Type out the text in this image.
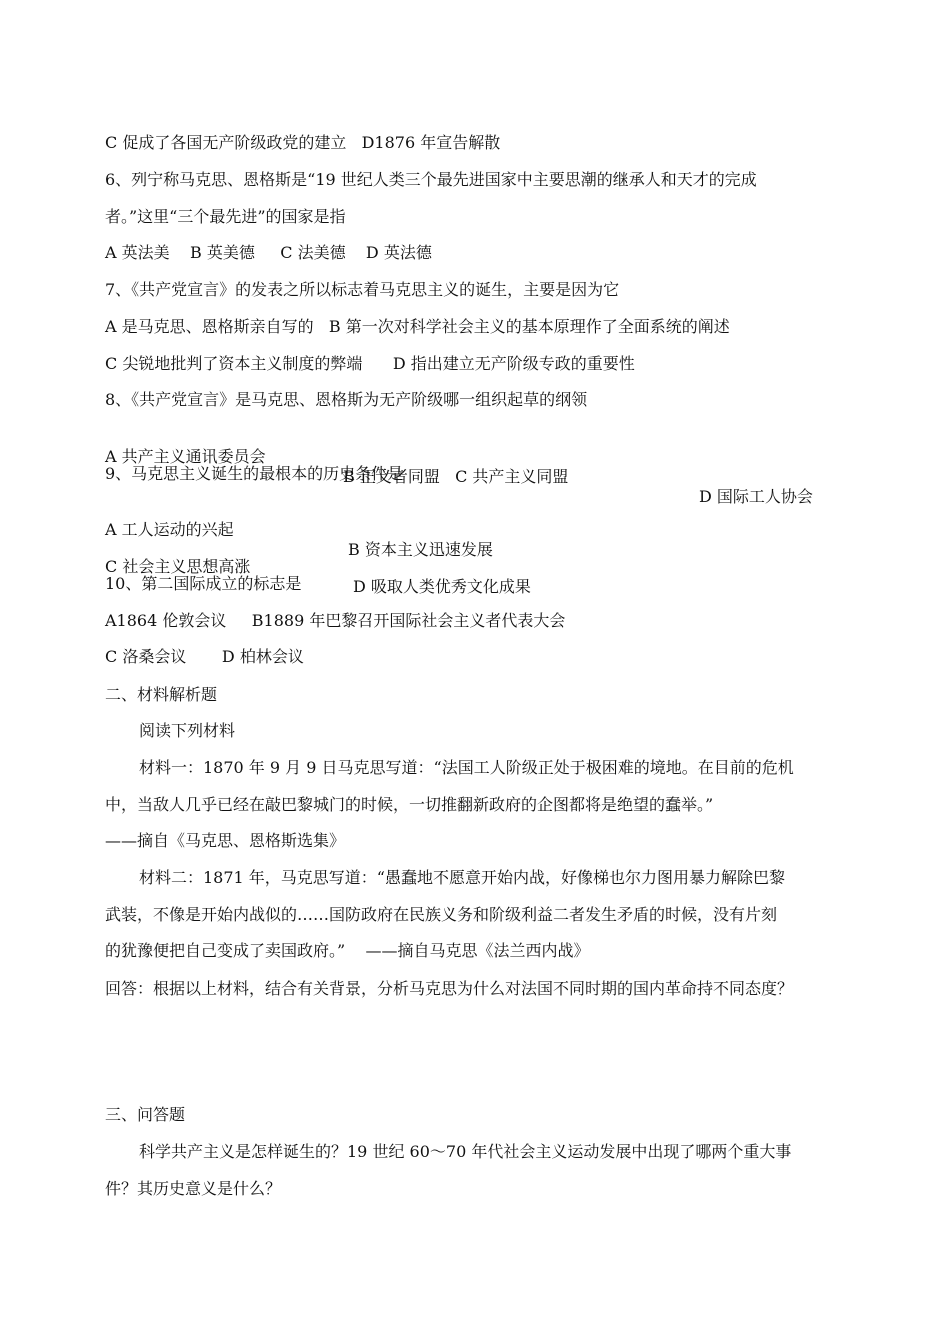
C 促成了各国无产阶级政党的建立   D1876 年宣告解散
6、列宁称马克思、恩格斯是“19 世纪人类三个最先进国家中主要思潮的继承人和天才的完成
者。”这里“三个最先进”的国家是指
A 英法美    B 英美德     C 法美德    D 英法德
7、《共产党宣言》的发表之所以标志着马克思主义的诞生，主要是因为它
A 是马克思、恩格斯亲自写的   B 第一次对科学社会主义的基本原理作了全面系统的阐述
C 尖锐地批判了资本主义制度的弊端      D 指出建立无产阶级专政的重要性
8、《共产党宣言》是马克思、恩格斯为无产阶级哪一组织起草的纲领

A 共产主义通讯委员会

B 正义者同盟   C 共产主义同盟

D 国际工人协会

9、马克思主义诞生的最根本的历史条件是

A 工人运动的兴起

B 资本主义迅速发展

C 社会主义思想高涨

D 吸取人类优秀文化成果

10、第二国际成立的标志是
A1864 伦敦会议     B1889 年巴黎召开国际社会主义者代表大会
C 洛桑会议       D 柏林会议
二、材料解析题
阅读下列材料
材料一：1870 年 9 月 9 日马克思写道：“法国工人阶级正处于极困难的境地。在目前的危机
中，当敌人几乎已经在敲巴黎城门的时候，一切推翻新政府的企图都将是绝望的蠢举。”
——摘自《马克思、恩格斯选集》
材料二：1871 年，马克思写道：“愚蠢地不愿意开始内战，好像梯也尔力图用暴力解除巴黎
武装，不像是开始内战似的……国防政府在民族义务和阶级利益二者发生矛盾的时候，没有片刻
的犹豫便把自己变成了卖国政府。”    ——摘自马克思《法兰西内战》
回答：根据以上材料，结合有关背景，分析马克思为什么对法国不同时期的国内革命持不同态度？
三、问答题
科学共产主义是怎样诞生的？19 世纪 60～70 年代社会主义运动发展中出现了哪两个重大事
件？其历史意义是什么？
